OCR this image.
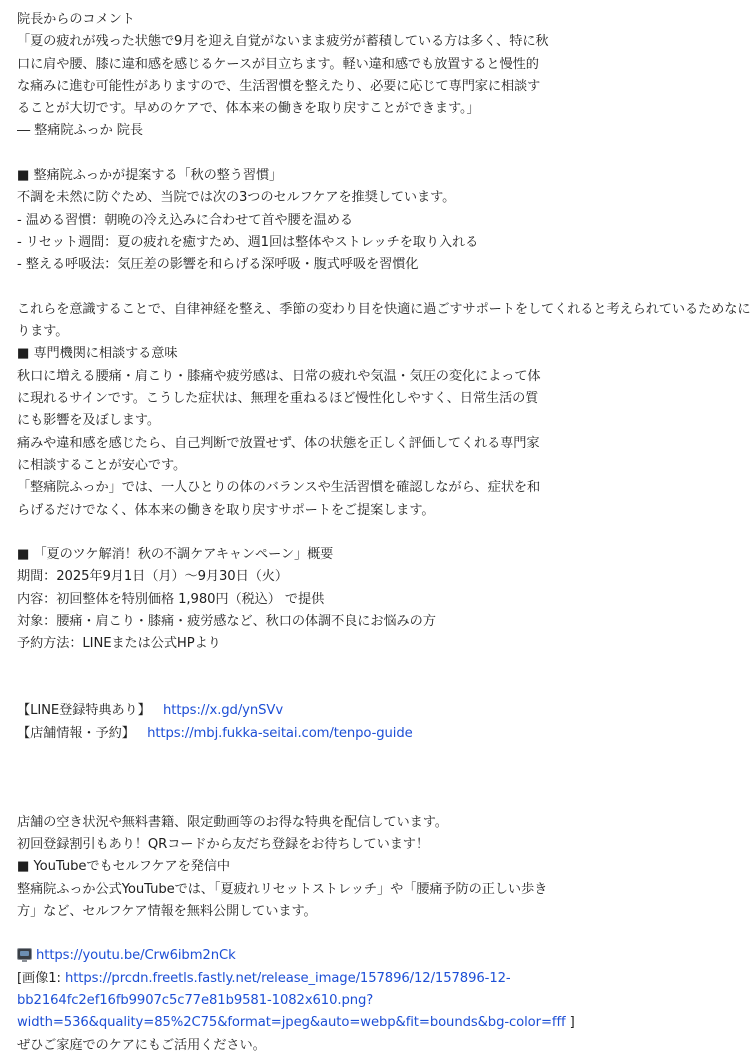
院長からのコメント
「夏の疲れが残った状態で9月を迎え自覚がないまま疲労が蓄積している方は多く、特に秋
口に肩や腰、膝に違和感を感じるケースが目立ちます。軽い違和感でも放置すると慢性的
な痛みに進む可能性がありますので、生活習慣を整えたり、必要に応じて専門家に相談す
ることが大切です。早めのケアで、体本来の働きを取り戻すことができます。」
― 整痛院ふっか 院長
■ 整痛院ふっかが提案する「秋の整う習慣」
不調を未然に防ぐため、当院では次の3つのセルフケアを推奨しています。
- 温める習慣：朝晩の冷え込みに合わせて首や腰を温める
- リセット週間：夏の疲れを癒すため、週1回は整体やストレッチを取り入れる
- 整える呼吸法：気圧差の影響を和らげる深呼吸・腹式呼吸を習慣化
これらを意識することで、自律神経を整え、季節の変わり目を快適に過ごすサポートをしてくれると考えられているためなに
ります。
■ 専門機関に相談する意味
秋口に増える腰痛・肩こり・膝痛や疲労感は、日常の疲れや気温・気圧の変化によって体
に現れるサインです。こうした症状は、無理を重ねるほど慢性化しやすく、日常生活の質
にも影響を及ぼします。
痛みや違和感を感じたら、自己判断で放置せず、体の状態を正しく評価してくれる専門家
に相談することが安心です。
「整痛院ふっか」では、一人ひとりの体のバランスや生活習慣を確認しながら、症状を和
らげるだけでなく、体本来の働きを取り戻すサポートをご提案します。
■ 「夏のツケ解消！秋の不調ケアキャンペーン」概要
期間：2025年9月1日（月）〜9月30日（火）
内容：初回整体を特別価格 1,980円（税込） で提供
対象：腰痛・肩こり・膝痛・疲労感など、秋口の体調不良にお悩みの方
予約方法：LINEまたは公式HPより
【LINE登録特典あり】 https://x.gd/ynSVv
【店舗情報・予約】 https://mbj.fukka-seitai.com/tenpo-guide
店舗の空き状況や無料書籍、限定動画等のお得な特典を配信しています。
初回登録割引もあり！QRコードから友だち登録をお待ちしています！
■ YouTubeでもセルフケアを発信中
整痛院ふっか公式YouTubeでは、「夏疲れリセットストレッチ」や「腰痛予防の正しい歩き
方」など、セルフケア情報を無料公開しています。
https://youtu.be/Crw6ibm2nCk
[画像1: https://prcdn.freetls.fastly.net/release_image/157896/12/157896-12-
bb2164fc2ef16fb9907c5c77e81b9581-1082x610.png?
width=536&quality=85%2C75&format=jpeg&auto=webp&fit=bounds&bg-color=fff ]
ぜひご家庭でのケアにもご活用ください。
